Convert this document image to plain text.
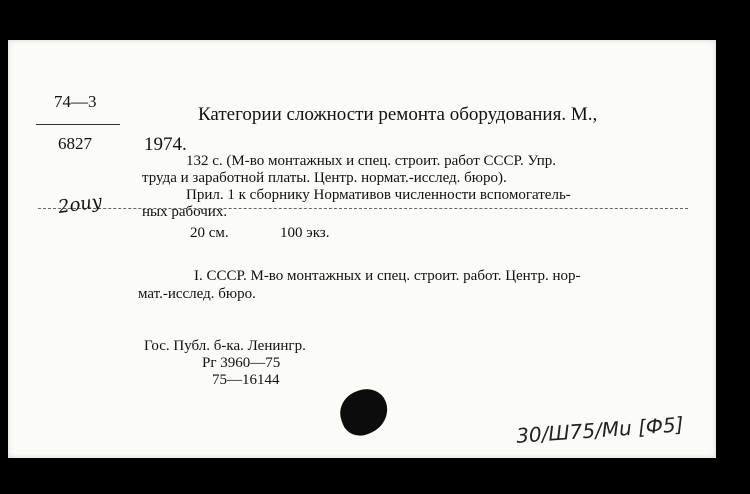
74—3
6827
Категории сложности ремонта оборудования. М.,
1974.
132 с. (М-во монтажных и спец. строит. работ СССР. Упр.
труда и заработной платы. Центр. нормат.-исслед. бюро).
Прил. 1 к сборнику Нормативов численности вспомогатель-
ных рабочих.
20 см.	100 экз.
I. СССР. М-во монтажных и спец. строит. работ. Центр. нор-
мат.-исслед. бюро.
Гос. Публ. б-ка. Ленингр.
Рг 3960—75
75—16144
2ouy
30/Ш75/Mu [Ф5]
